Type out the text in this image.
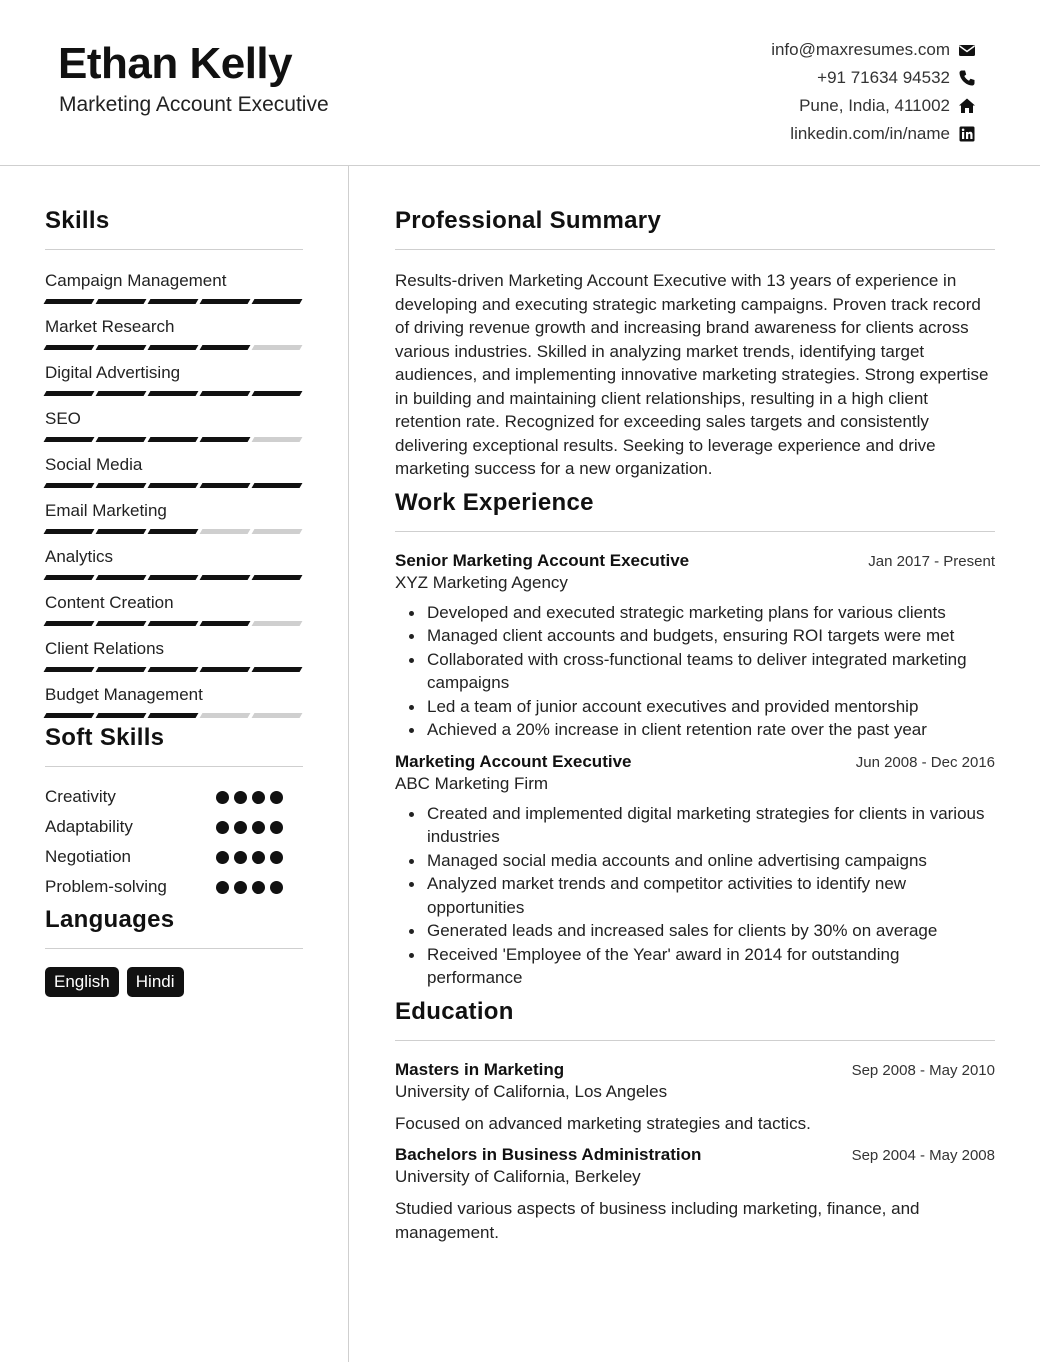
Ethan Kelly
Marketing Account Executive
info@maxresumes.com
+91 71634 94532
Pune, India, 411002
linkedin.com/in/name
Skills
Campaign Management
Market Research
Digital Advertising
SEO
Social Media
Email Marketing
Analytics
Content Creation
Client Relations
Budget Management
Soft Skills
Creativity
Adaptability
Negotiation
Problem-solving
Languages
English	Hindi
Professional Summary
Results-driven Marketing Account Executive with 13 years of experience in developing and executing strategic marketing campaigns. Proven track record of driving revenue growth and increasing brand awareness for clients across various industries. Skilled in analyzing market trends, identifying target audiences, and implementing innovative marketing strategies. Strong expertise in building and maintaining client relationships, resulting in a high client retention rate. Recognized for exceeding sales targets and consistently delivering exceptional results. Seeking to leverage experience and drive marketing success for a new organization.
Work Experience
Senior Marketing Account Executive	Jan 2017 - Present
XYZ Marketing Agency
Developed and executed strategic marketing plans for various clients
Managed client accounts and budgets, ensuring ROI targets were met
Collaborated with cross-functional teams to deliver integrated marketing campaigns
Led a team of junior account executives and provided mentorship
Achieved a 20% increase in client retention rate over the past year
Marketing Account Executive	Jun 2008 - Dec 2016
ABC Marketing Firm
Created and implemented digital marketing strategies for clients in various industries
Managed social media accounts and online advertising campaigns
Analyzed market trends and competitor activities to identify new opportunities
Generated leads and increased sales for clients by 30% on average
Received 'Employee of the Year' award in 2014 for outstanding performance
Education
Masters in Marketing	Sep 2008 - May 2010
University of California, Los Angeles
Focused on advanced marketing strategies and tactics.
Bachelors in Business Administration	Sep 2004 - May 2008
University of California, Berkeley
Studied various aspects of business including marketing, finance, and management.
